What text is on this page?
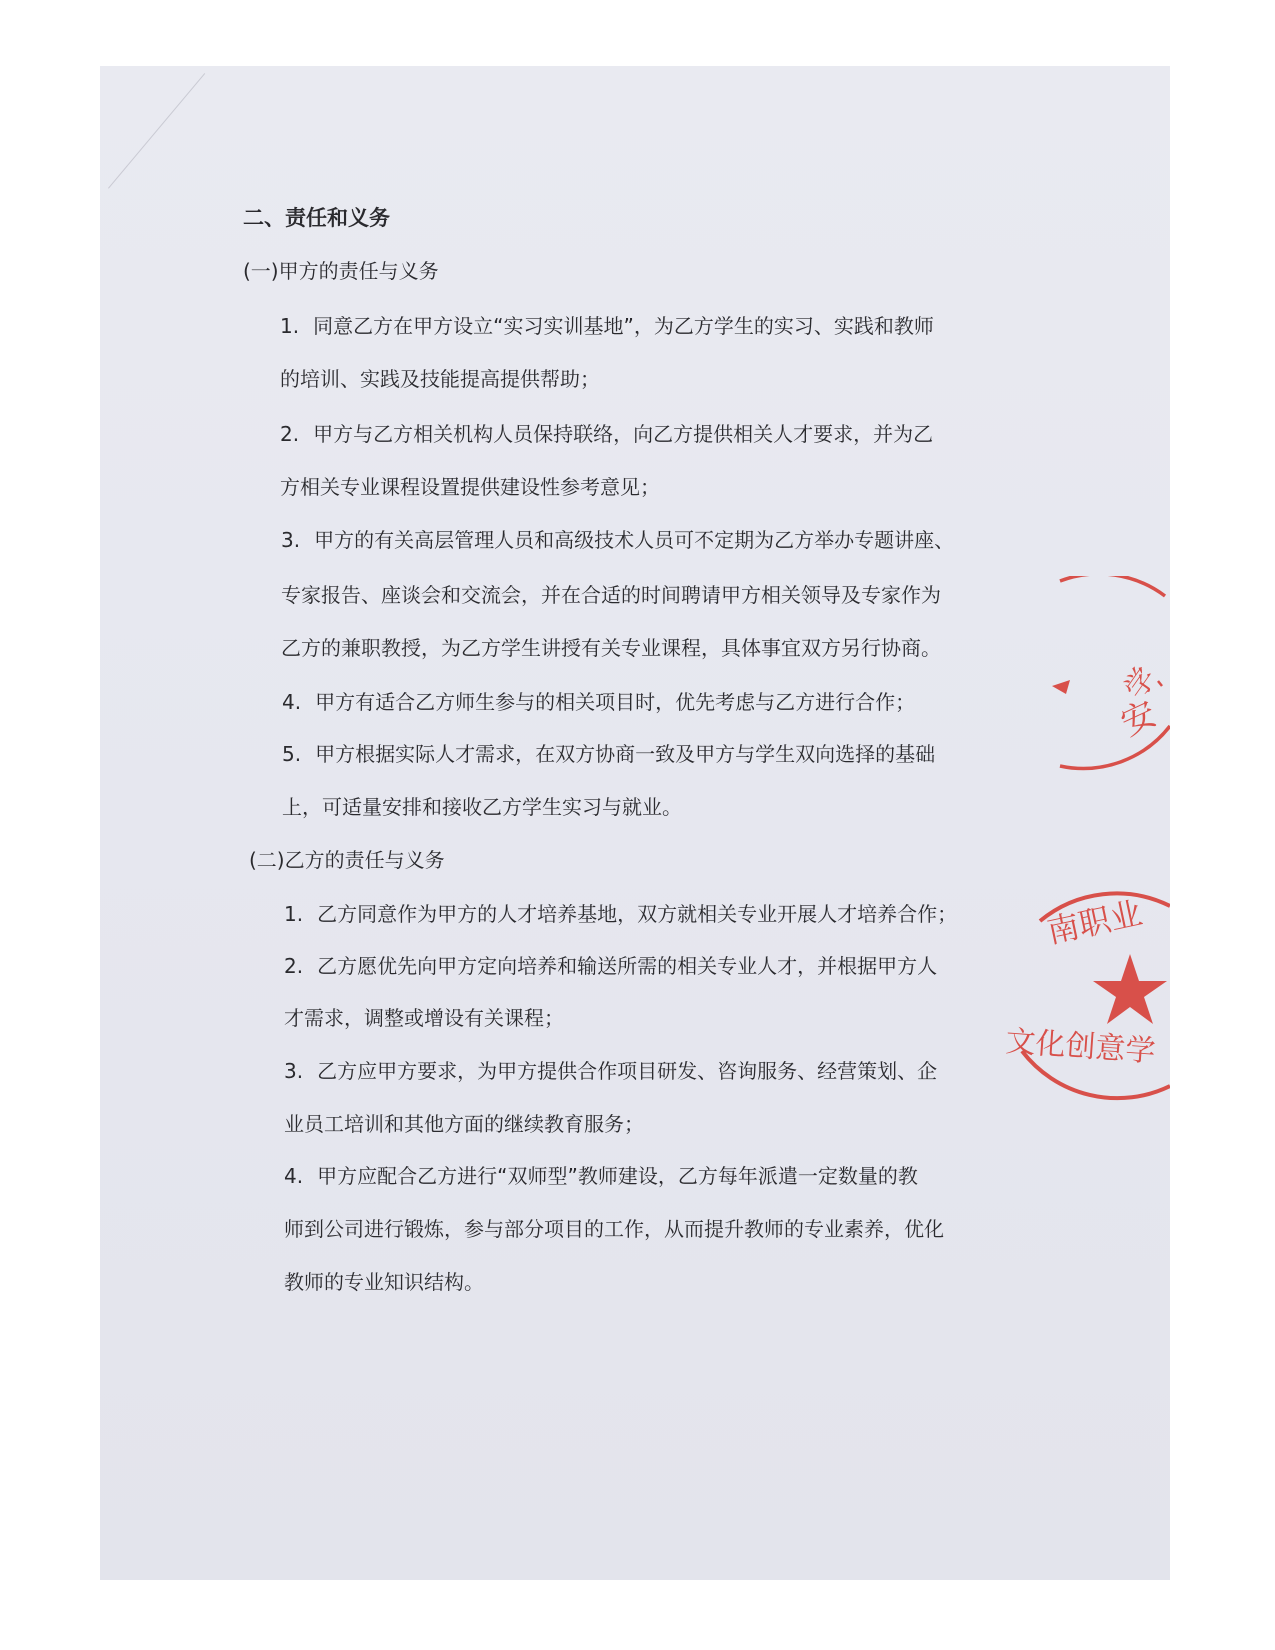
二、责任和义务
(一)甲方的责任与义务
1. 同意乙方在甲方设立“实习实训基地”，为乙方学生的实习、实践和教师
的培训、实践及技能提高提供帮助；
2. 甲方与乙方相关机构人员保持联络，向乙方提供相关人才要求，并为乙
方相关专业课程设置提供建设性参考意见；
3. 甲方的有关高层管理人员和高级技术人员可不定期为乙方举办专题讲座、
专家报告、座谈会和交流会，并在合适的时间聘请甲方相关领导及专家作为
乙方的兼职教授，为乙方学生讲授有关专业课程，具体事宜双方另行协商。
4. 甲方有适合乙方师生参与的相关项目时，优先考虑与乙方进行合作；
5. 甲方根据实际人才需求，在双方协商一致及甲方与学生双向选择的基础
上，可适量安排和接收乙方学生实习与就业。
(二)乙方的责任与义务
1. 乙方同意作为甲方的人才培养基地，双方就相关专业开展人才培养合作；
2. 乙方愿优先向甲方定向培养和输送所需的相关专业人才，并根据甲方人
才需求，调整或增设有关课程；
3. 乙方应甲方要求，为甲方提供合作项目研发、咨询服务、经营策划、企
业员工培训和其他方面的继续教育服务；
4. 甲方应配合乙方进行“双师型”教师建设，乙方每年派遣一定数量的教
师到公司进行锻炼，参与部分项目的工作，从而提升教师的专业素养，优化
教师的专业知识结构。
安
学
南职业
文化创意学
